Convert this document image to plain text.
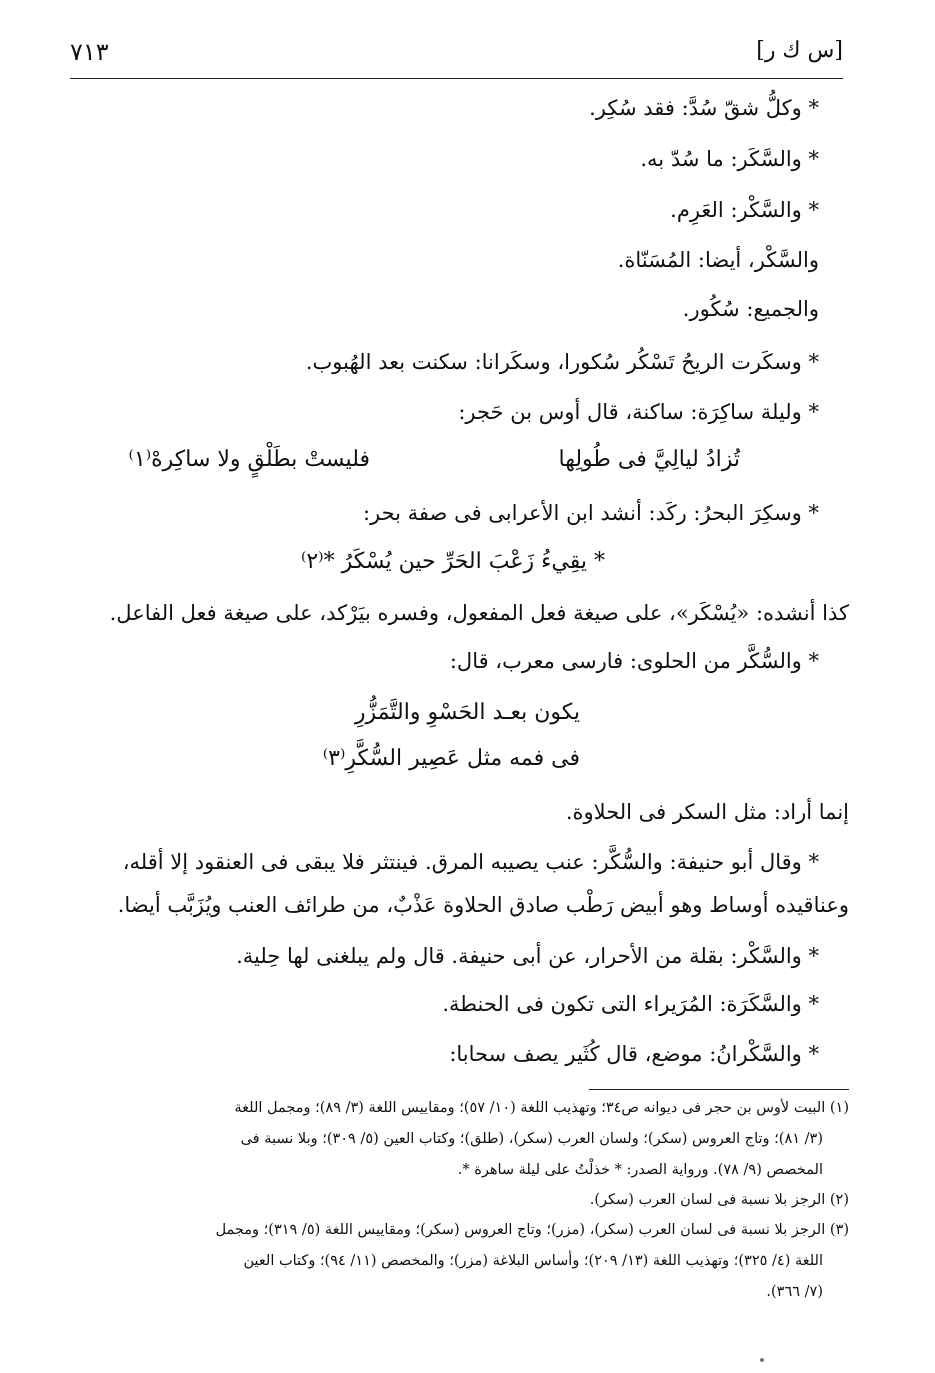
[س ك ر]
٧١٣
* وكلُّ شقّ سُدَّ: فقد سُكِر.
* والسَّكَر: ما سُدّ به.
* والسَّكْر: العَرِم.
والسَّكْر، أيضا: المُسَنّاة.
والجميع: سُكُور.
* وسكَرت الريحُ تَسْكُر سُكورا، وسكَرانا: سكنت بعد الهُبوب.
* وليلة ساكِرَة: ساكنة، قال أوس بن حَجر:
تُزادُ ليالِيَّ فى طُولِها
فليستْ بطَلْقٍ ولا ساكِرهْ⁽١⁾
* وسكِرَ البحرُ: ركَد: أنشد ابن الأعرابى فى صفة بحر:
* يقِيءُ زَعْبَ الحَرِّ حين يُسْكَرُ *⁽٢⁾
كذا أنشده: «يُسْكَر»، على صيغة فعل المفعول، وفسره بيَرْكد، على صيغة فعل الفاعل.
* والسُّكَّر من الحلوى: فارسى معرب، قال:
يكون بعـد الحَسْوِ والتَّمَزُّرِ
فى فمه مثل عَصِير السُّكَّرِ⁽٣⁾
إنما أراد: مثل السكر فى الحلاوة.
* وقال أبو حنيفة: والسُّكَّر: عنب يصيبه المرق. فينتثر فلا يبقى فى العنقود إلا أقله،
وعناقيده أوساط وهو أبيض رَطْب صادق الحلاوة عَذْبٌ، من طرائف العنب ويُزَبَّب أيضا.
* والسَّكْر: بقلة من الأحرار، عن أبى حنيفة. قال ولم يبلغنى لها حِلية.
* والسَّكَرَة: المُرَيراء التى تكون فى الحنطة.
* والسَّكْرانُ: موضع، قال كُثَير يصف سحابا:
(١) البيت لأوس بن حجر فى ديوانه ص٣٤؛ وتهذيب اللغة (١٠/ ٥٧)؛ ومقاييس اللغة (٣/ ٨٩)؛ ومجمل اللغة
(٣/ ٨١)؛ وتاج العروس (سكر)؛ ولسان العرب (سكر)، (طلق)؛ وكتاب العين (٥/ ٣٠٩)؛ وبلا نسبة فى
المخصص (٩/ ٧٨). ورواية الصدر: * خذلْتُ على ليلة ساهرة *.
(٢) الرجز بلا نسبة فى لسان العرب (سكر).
(٣) الرجز بلا نسبة فى لسان العرب (سكر)، (مزر)؛ وتاج العروس (سكر)؛ ومقاييس اللغة (٥/ ٣١٩)؛ ومجمل
اللغة (٤/ ٣٢٥)؛ وتهذيب اللغة (١٣/ ٢٠٩)؛ وأساس البلاغة (مزر)؛ والمخصص (١١/ ٩٤)؛ وكتاب العين
(٧/ ٣٦٦).
